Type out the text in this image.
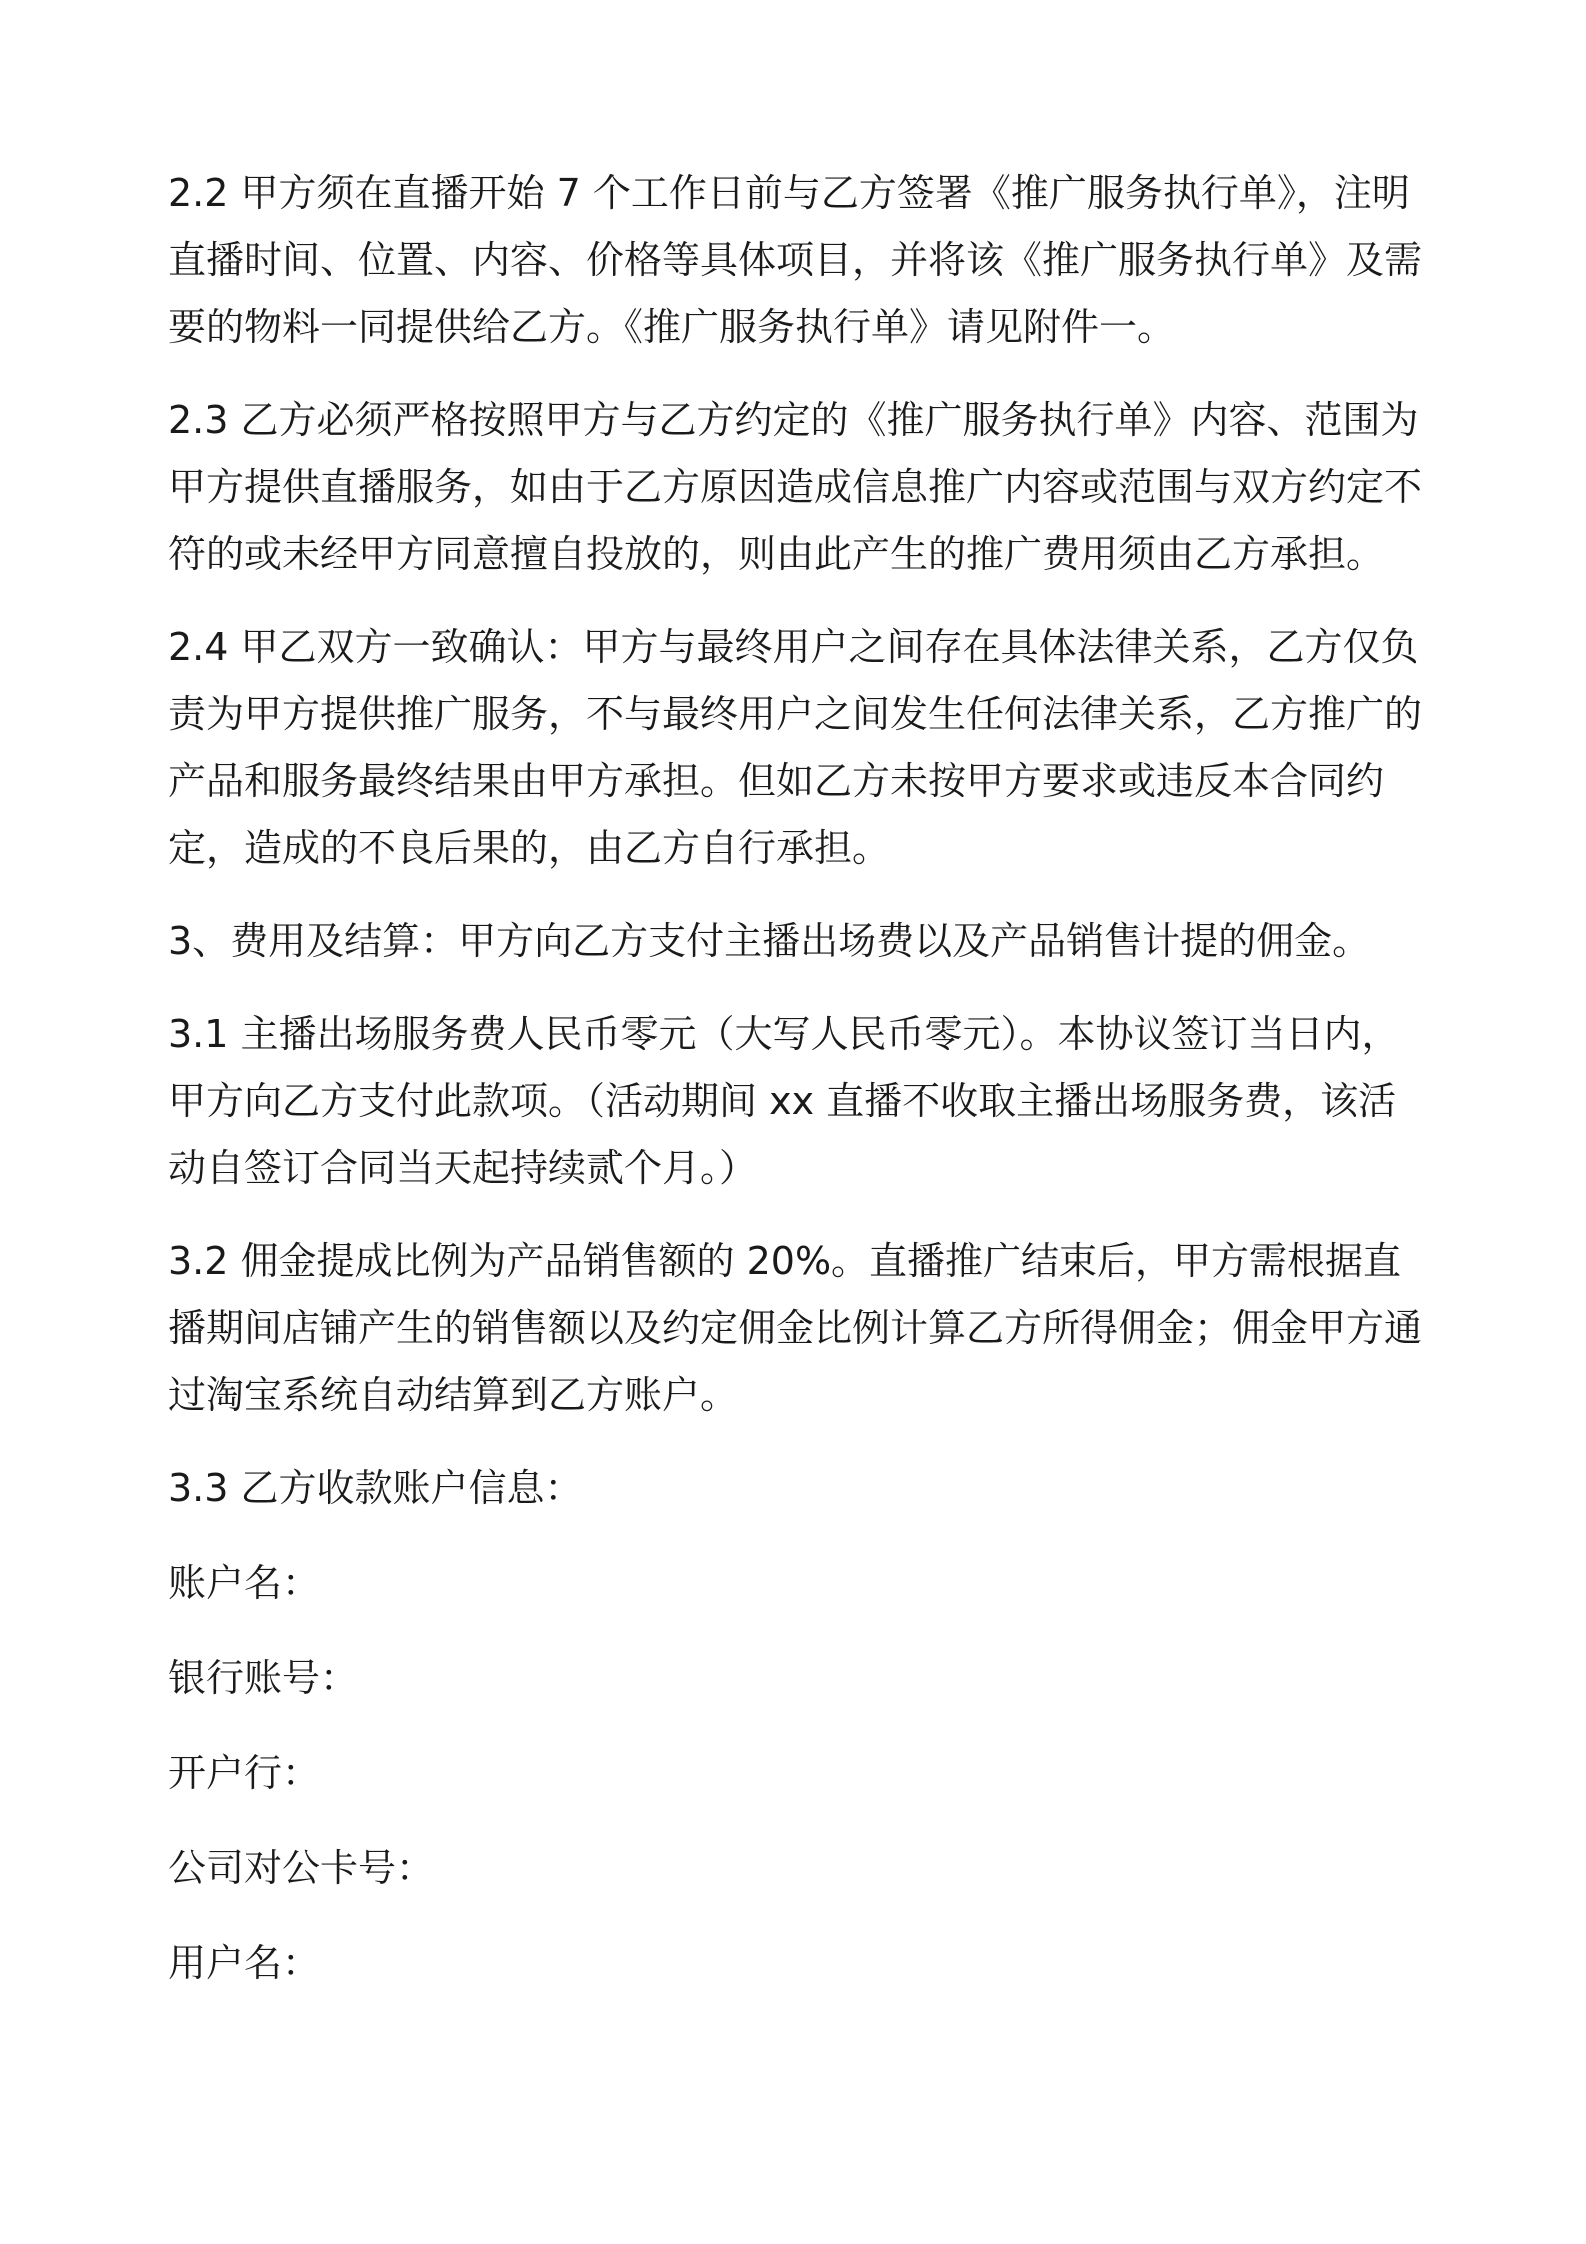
2.2 甲方须在直播开始 7 个工作日前与乙方签署《推广服务执行单》，注明直播时间、位置、内容、价格等具体项目，并将该《推广服务执行单》及需要的物料一同提供给乙方。《推广服务执行单》请见附件一。

2.3 乙方必须严格按照甲方与乙方约定的《推广服务执行单》内容、范围为甲方提供直播服务，如由于乙方原因造成信息推广内容或范围与双方约定不符的或未经甲方同意擅自投放的，则由此产生的推广费用须由乙方承担。

2.4 甲乙双方一致确认：甲方与最终用户之间存在具体法律关系，乙方仅负责为甲方提供推广服务，不与最终用户之间发生任何法律关系，乙方推广的产品和服务最终结果由甲方承担。但如乙方未按甲方要求或违反本合同约定，造成的不良后果的，由乙方自行承担。

3、费用及结算：甲方向乙方支付主播出场费以及产品销售计提的佣金。

3.1 主播出场服务费人民币零元（大写人民币零元）。本协议签订当日内，甲方向乙方支付此款项。（活动期间 xx 直播不收取主播出场服务费，该活动自签订合同当天起持续贰个月。）

3.2 佣金提成比例为产品销售额的 20%。直播推广结束后，甲方需根据直播期间店铺产生的销售额以及约定佣金比例计算乙方所得佣金；佣金甲方通过淘宝系统自动结算到乙方账户。

3.3 乙方收款账户信息：

账户名：
银行账号：
开户行：
公司对公卡号：
用户名：
